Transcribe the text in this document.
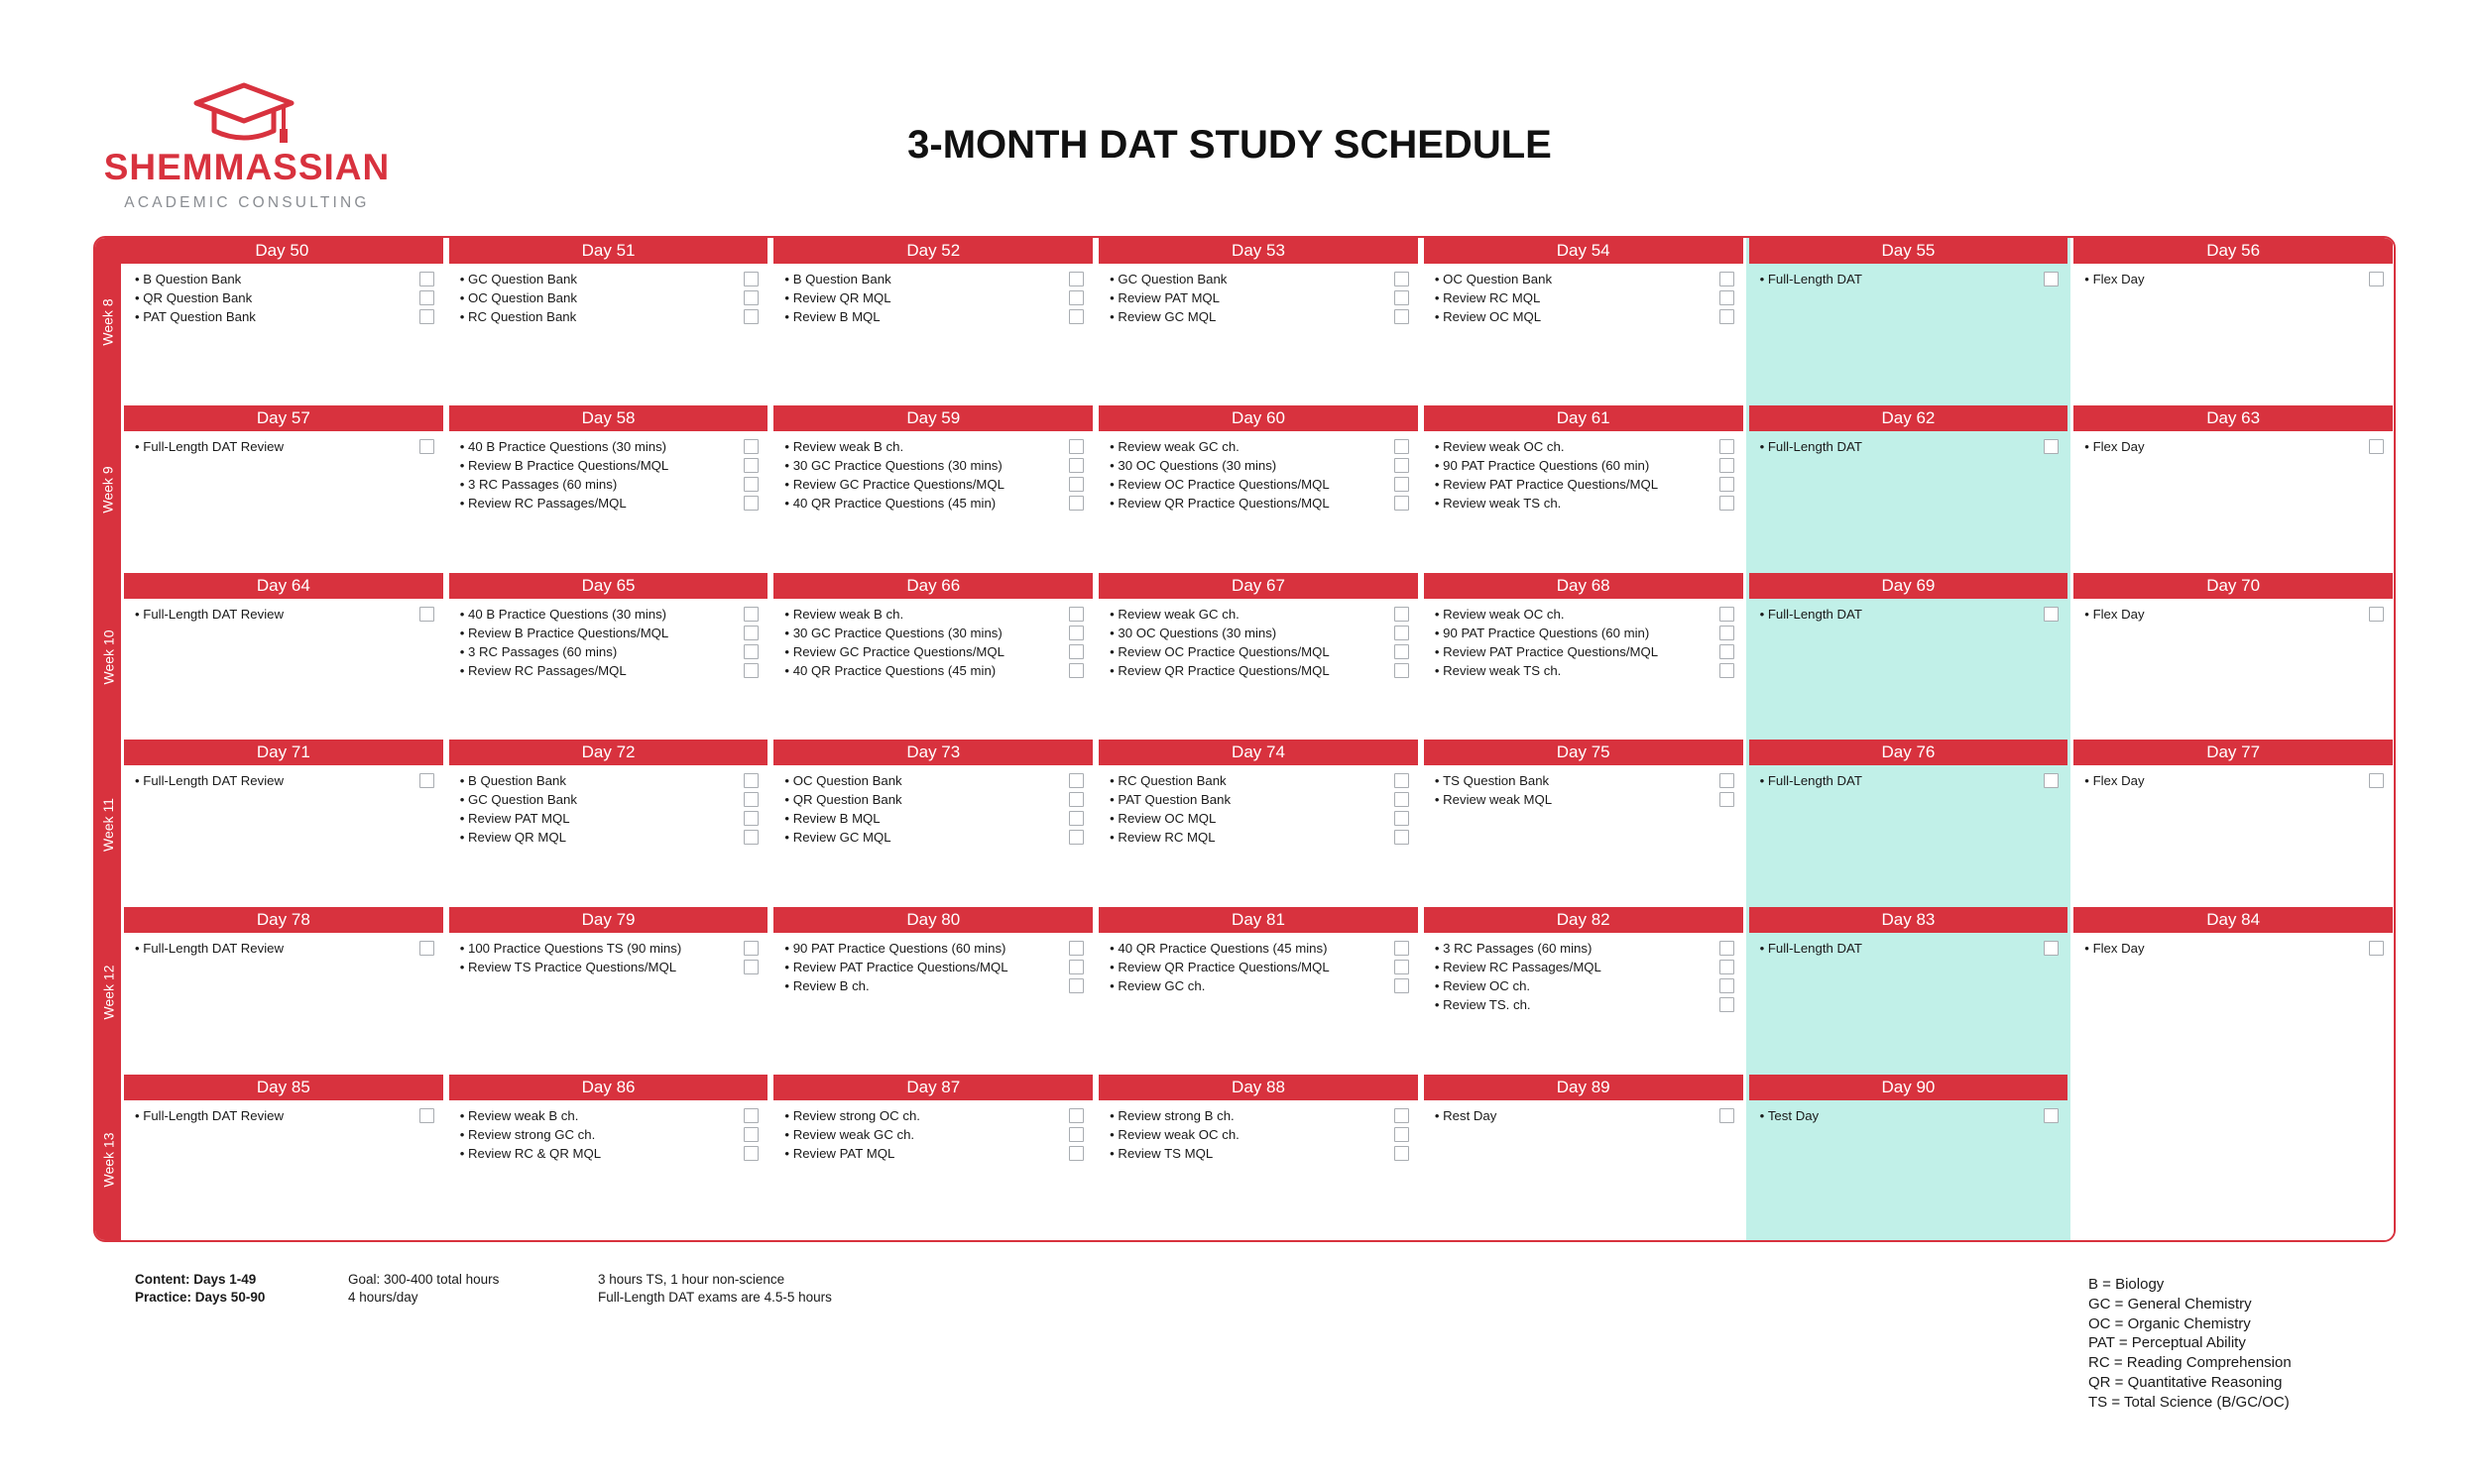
SHEMMASSIAN
ACADEMIC CONSULTING
3-MONTH DAT STUDY SCHEDULE
Week 8
Week 9
Week 10
Week 11
Week 12
Week 13
Day 50
• B Question Bank
• QR Question Bank
• PAT Question Bank
Day 51
• GC Question Bank
• OC Question Bank
• RC Question Bank
Day 52
• B Question Bank
• Review QR MQL
• Review B MQL
Day 53
• GC Question Bank
• Review PAT MQL
• Review GC MQL
Day 54
• OC Question Bank
• Review RC MQL
• Review OC MQL
Day 55
• Full-Length DAT
Day 56
• Flex Day
Day 57
• Full-Length DAT Review
Day 58
• 40 B Practice Questions (30 mins)
• Review B Practice Questions/MQL
• 3 RC Passages (60 mins)
• Review RC Passages/MQL
Day 59
• Review weak B ch.
• 30 GC Practice Questions (30 mins)
• Review GC Practice Questions/MQL
• 40 QR Practice Questions (45 min)
Day 60
• Review weak GC ch.
• 30 OC Questions (30 mins)
• Review OC Practice Questions/MQL
• Review QR Practice Questions/MQL
Day 61
• Review weak OC ch.
• 90 PAT Practice Questions (60 min)
• Review PAT Practice Questions/MQL
• Review weak TS ch.
Day 62
• Full-Length DAT
Day 63
• Flex Day
Day 64
• Full-Length DAT Review
Day 65
• 40 B Practice Questions (30 mins)
• Review B Practice Questions/MQL
• 3 RC Passages (60 mins)
• Review RC Passages/MQL
Day 66
• Review weak B ch.
• 30 GC Practice Questions (30 mins)
• Review GC Practice Questions/MQL
• 40 QR Practice Questions (45 min)
Day 67
• Review weak GC ch.
• 30 OC Questions (30 mins)
• Review OC Practice Questions/MQL
• Review QR Practice Questions/MQL
Day 68
• Review weak OC ch.
• 90 PAT Practice Questions (60 min)
• Review PAT Practice Questions/MQL
• Review weak TS ch.
Day 69
• Full-Length DAT
Day 70
• Flex Day
Day 71
• Full-Length DAT Review
Day 72
• B Question Bank
• GC Question Bank
• Review PAT MQL
• Review QR MQL
Day 73
• OC Question Bank
• QR Question Bank
• Review B MQL
• Review GC MQL
Day 74
• RC Question Bank
• PAT Question Bank
• Review OC MQL
• Review RC MQL
Day 75
• TS Question Bank
• Review weak MQL
Day 76
• Full-Length DAT
Day 77
• Flex Day
Day 78
• Full-Length DAT Review
Day 79
• 100 Practice Questions TS (90 mins)
• Review TS Practice Questions/MQL
Day 80
• 90 PAT Practice Questions (60 mins)
• Review PAT Practice Questions/MQL
• Review B ch.
Day 81
• 40 QR Practice Questions (45 mins)
• Review QR Practice Questions/MQL
• Review GC ch.
Day 82
• 3 RC Passages (60 mins)
• Review RC Passages/MQL
• Review OC ch.
• Review TS. ch.
Day 83
• Full-Length DAT
Day 84
• Flex Day
Day 85
• Full-Length DAT Review
Day 86
• Review weak B ch.
• Review strong GC ch.
• Review RC & QR MQL
Day 87
• Review strong OC ch.
• Review weak GC ch.
• Review PAT MQL
Day 88
• Review strong B ch.
• Review weak OC ch.
• Review TS MQL
Day 89
• Rest Day
Day 90
• Test Day
Content: Days 1-49
Practice: Days 50-90
Goal: 300-400 total hours
4 hours/day
3 hours TS, 1 hour non-science
Full-Length DAT exams are 4.5-5 hours
B = Biology
GC = General Chemistry
OC = Organic Chemistry
PAT = Perceptual Ability
RC = Reading Comprehension
QR = Quantitative Reasoning
TS = Total Science (B/GC/OC)
